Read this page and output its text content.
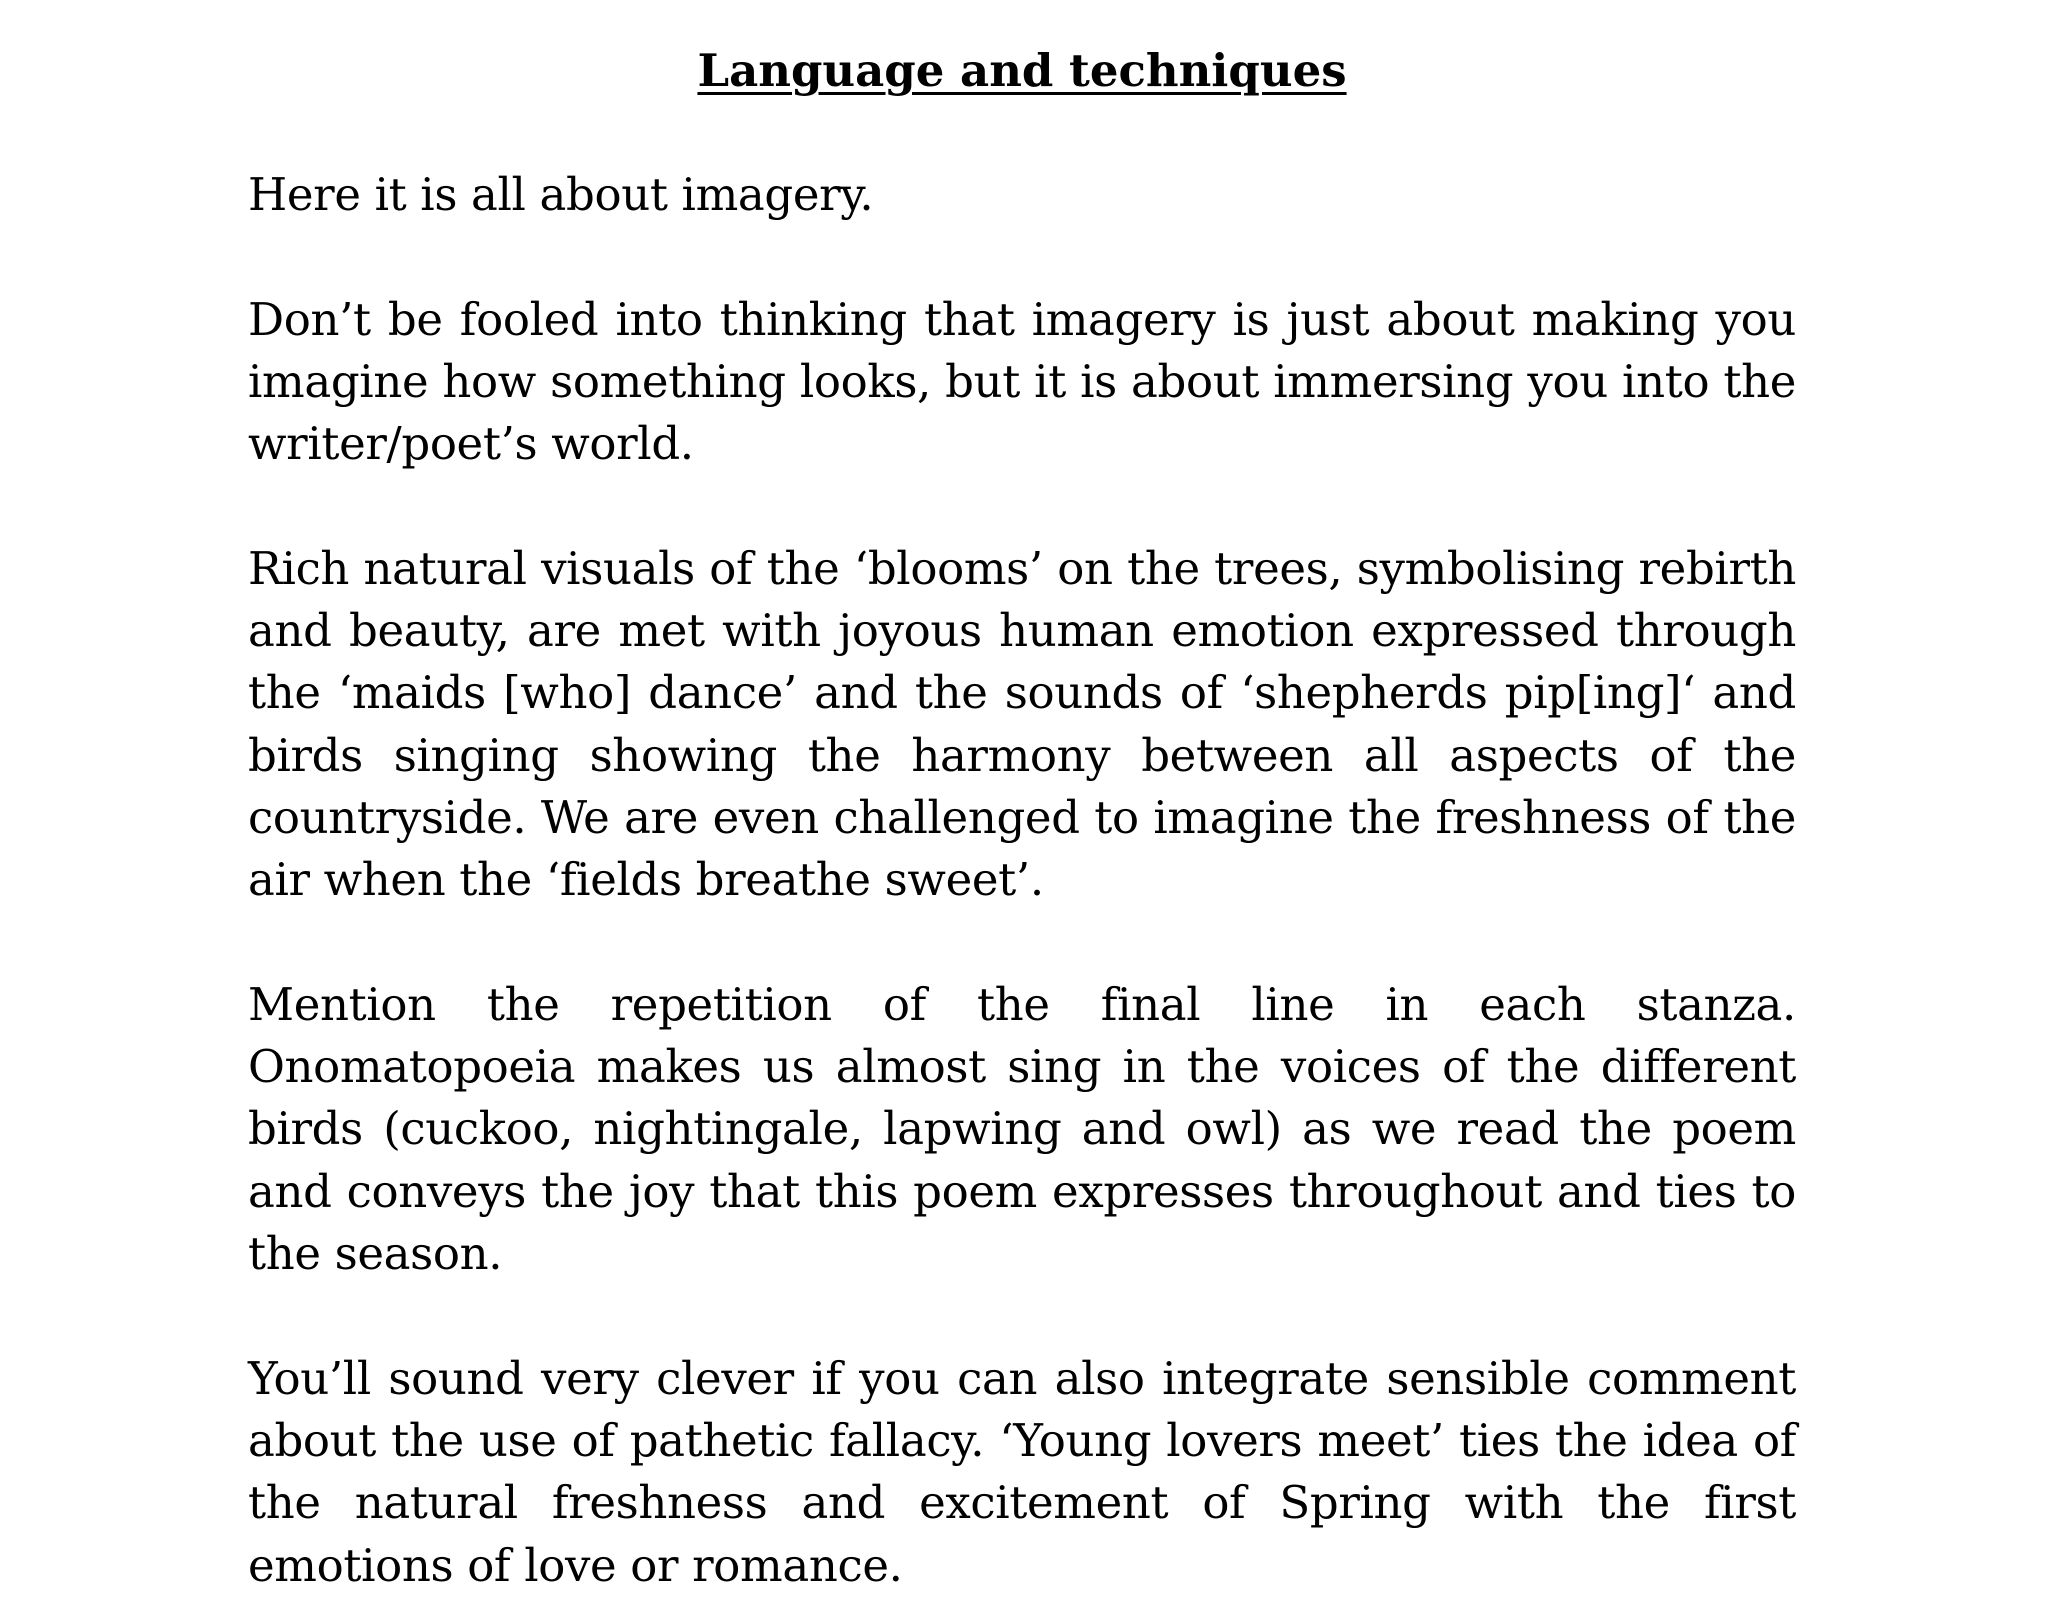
Language and techniques

Here it is all about imagery.

Don’t be fooled into thinking that imagery is just about making you imagine how something looks, but it is about immersing you into the writer/poet’s world.

Rich natural visuals of the ‘blooms’ on the trees, symbolising rebirth and beauty, are met with joyous human emotion expressed through the ‘maids [who] dance’ and the sounds of ‘shepherds pip[ing]‘ and birds singing showing the harmony between all aspects of the countryside. We are even challenged to imagine the freshness of the air when the ‘fields breathe sweet’.

Mention the repetition of the final line in each stanza. Onomatopoeia makes us almost sing in the voices of the different birds (cuckoo, nightingale, lapwing and owl) as we read the poem and conveys the joy that this poem expresses throughout and ties to the season.

You’ll sound very clever if you can also integrate sensible comment about the use of pathetic fallacy. ‘Young lovers meet’ ties the idea of the natural freshness and excitement of Spring with the first emotions of love or romance.
